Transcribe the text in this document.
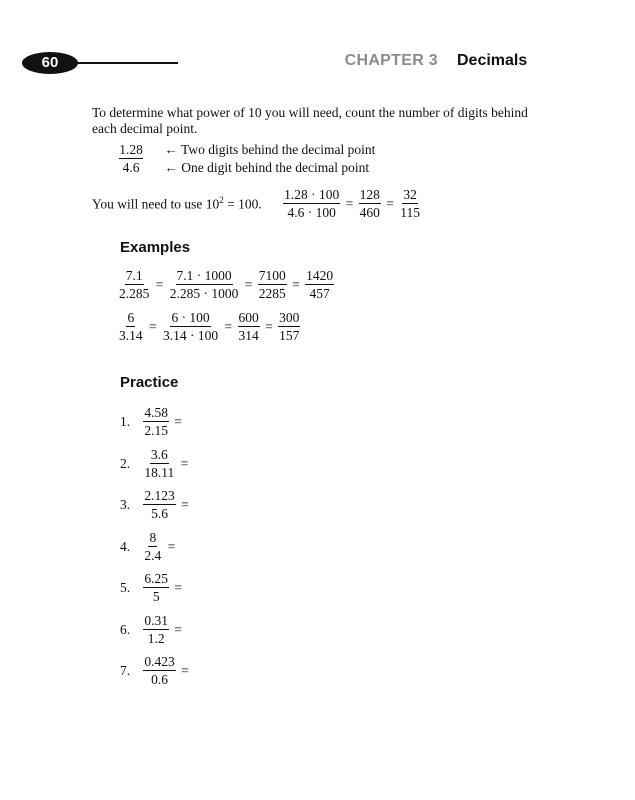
60	CHAPTER 3 Decimals
To determine what power of 10 you will need, count the number of digits behind each decimal point.
1.28 ← Two digits behind the decimal point
4.6 ← One digit behind the decimal point
You will need to use $10^2 = 100$. $\frac{1.28 \cdot 100}{4.6 \cdot 100} = \frac{128}{460} = \frac{32}{115}$
Examples
$\frac{7.1}{2.285} = \frac{7.1 \cdot 1000}{2.285 \cdot 1000} = \frac{7100}{2285} = \frac{1420}{457}$
$\frac{6}{3.14} = \frac{6 \cdot 100}{3.14 \cdot 100} = \frac{600}{314} = \frac{300}{157}$
Practice
1. $\frac{4.58}{2.15}$ =
2. $\frac{3.6}{18.11}$ =
3. $\frac{2.123}{5.6}$ =
4. $\frac{8}{2.4}$ =
5. $\frac{6.25}{5}$ =
6. $\frac{0.31}{1.2}$ =
7. $\frac{0.423}{0.6}$ =
